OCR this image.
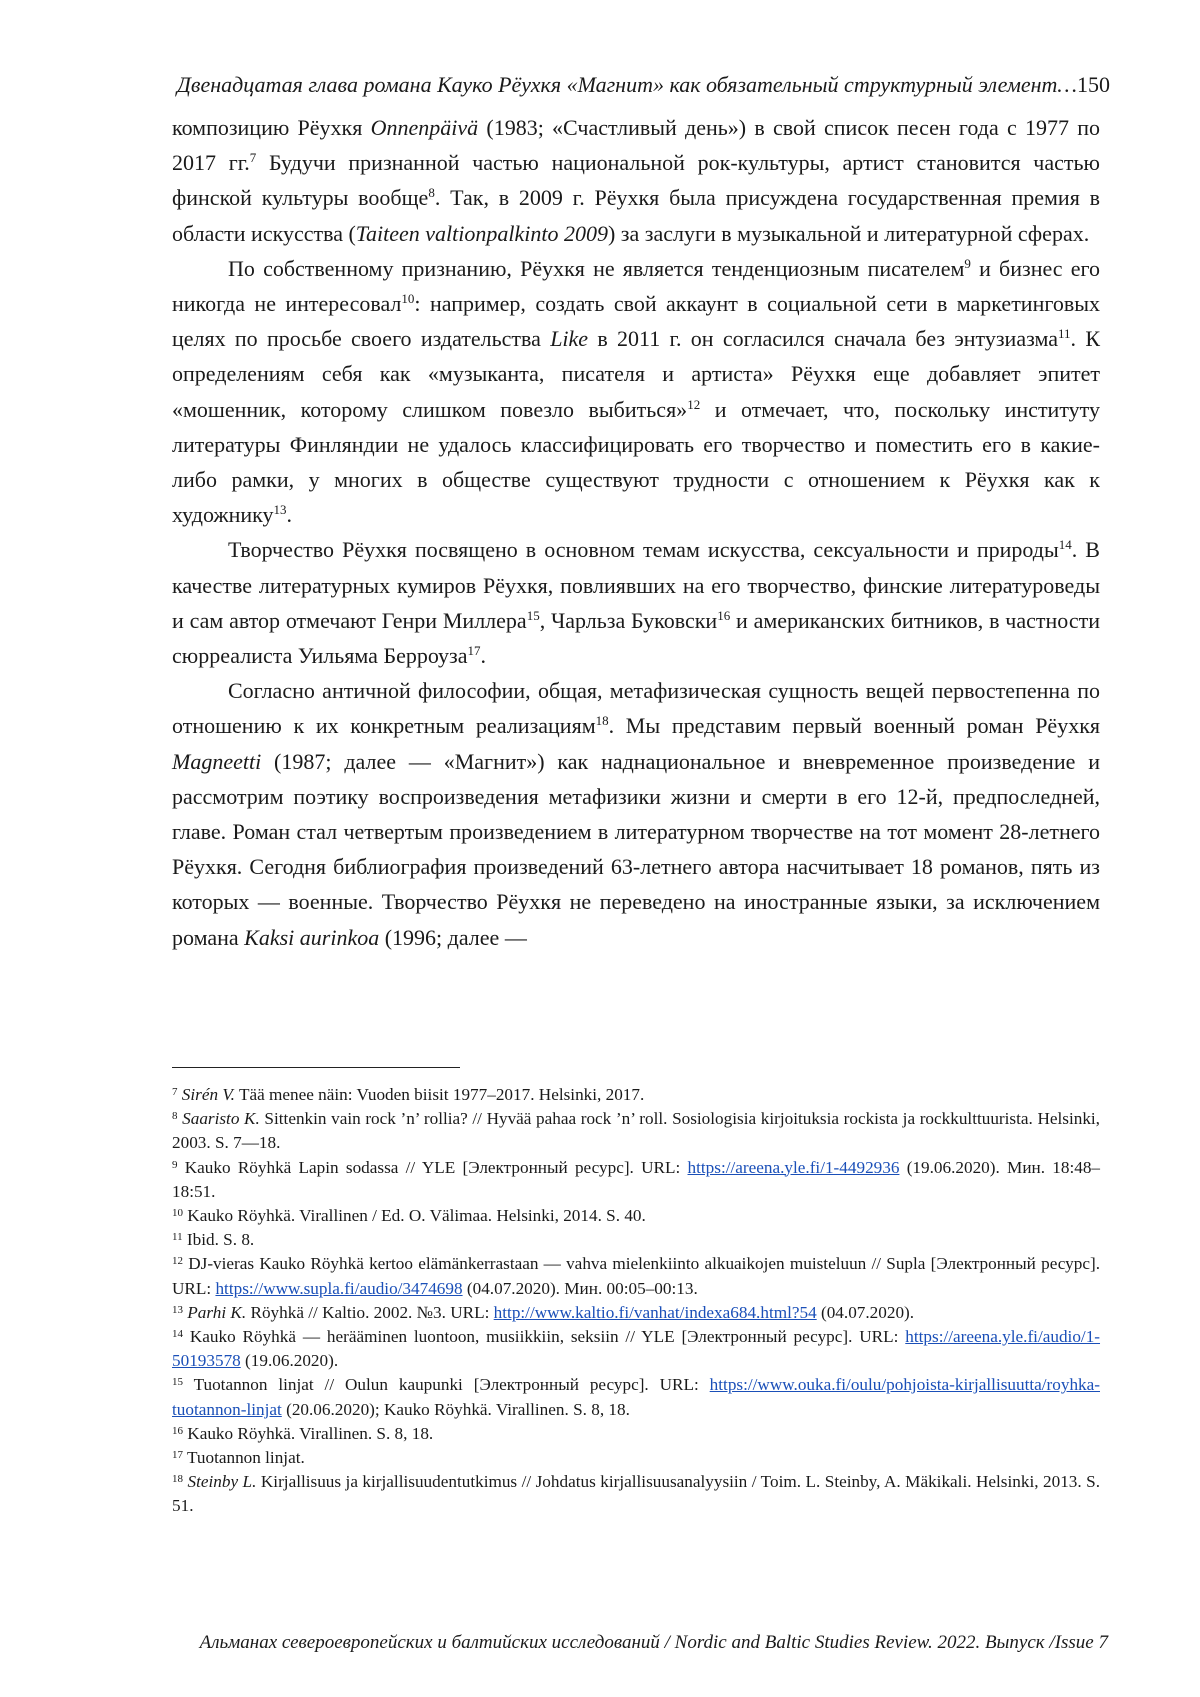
Двенадцатая глава романа Кауко Рёухкя «Магнит» как обязательный структурный элемент…150

композицию Рёухкя Onnenpäivä (1983; «Счастливый день») в свой список песен года с 1977 по 2017 гг.$^7$ Будучи признанной частью национальной рок-культуры, артист становится частью финской культуры вообще$^8$. Так, в 2009 г. Рёухкя была присуждена государственная премия в области искусства (Taiteen valtionpalkinto 2009) за заслуги в музыкальной и литературной сферах.

По собственному признанию, Рёухкя не является тенденциозным писателем$^9$ и бизнес его никогда не интересовал$^{10}$: например, создать свой аккаунт в социальной сети в маркетинговых целях по просьбе своего издательства Like в 2011 г. он согласился сначала без энтузиазма$^{11}$. К определениям себя как «музыканта, писателя и артиста» Рёухкя еще добавляет эпитет «мошенник, которому слишком повезло выбиться»$^{12}$ и отмечает, что, поскольку институту литературы Финляндии не удалось классифицировать его творчество и поместить его в какие-либо рамки, у многих в обществе существуют трудности с отношением к Рёухкя как к художнику$^{13}$.

Творчество Рёухкя посвящено в основном темам искусства, сексуальности и природы$^{14}$. В качестве литературных кумиров Рёухкя, повлиявших на его творчество, финские литературоведы и сам автор отмечают Генри Миллера$^{15}$, Чарльза Буковски$^{16}$ и американских битников, в частности сюрреалиста Уильяма Берроуза$^{17}$.

Согласно античной философии, общая, метафизическая сущность вещей первостепенна по отношению к их конкретным реализациям$^{18}$. Мы представим первый военный роман Рёухкя Magneetti (1987; далее — «Магнит») как наднациональное и вневременное произведение и рассмотрим поэтику воспроизведения метафизики жизни и смерти в его 12-й, предпоследней, главе. Роман стал четвертым произведением в литературном творчестве на тот момент 28-летнего Рёухкя. Сегодня библиография произведений 63-летнего автора насчитывает 18 романов, пять из которых — военные. Творчество Рёухкя не переведено на иностранные языки, за исключением романа Kaksi aurinkoa (1996; далее —

$^7$ Sirén V. Tää menee näin: Vuoden biisit 1977–2017. Helsinki, 2017.

$^8$ Saaristo K. Sittenkin vain rock ’n’ rollia? // Hyvää pahaa rock ’n’ roll. Sosiologisia kirjoituksia rockista ja rockkulttuurista. Helsinki, 2003. S. 7—18.

$^9$ Kauko Röyhkä Lapin sodassa // YLE [Электронный ресурс]. URL: https://areena.yle.fi/1-4492936 (19.06.2020). Мин. 18:48–18:51.

$^{10}$ Kauko Röyhkä. Virallinen / Ed. O. Välimaa. Helsinki, 2014. S. 40.

$^{11}$ Ibid. S. 8.

$^{12}$ DJ-vieras Kauko Röyhkä kertoo elämänkerrastaan — vahva mielenkiinto alkuaikojen muisteluun // Supla [Электронный ресурс]. URL: https://www.supla.fi/audio/3474698 (04.07.2020). Мин. 00:05–00:13.

$^{13}$ Parhi K. Röyhkä // Kaltio. 2002. №3. URL: http://www.kaltio.fi/vanhat/indexa684.html?54 (04.07.2020).

$^{14}$ Kauko Röyhkä — herääminen luontoon, musiikkiin, seksiin // YLE [Электронный ресурс]. URL: https://areena.yle.fi/audio/1-50193578 (19.06.2020).

$^{15}$ Tuotannon linjat // Oulun kaupunki [Электронный ресурс]. URL: https://www.ouka.fi/oulu/pohjoista-kirjallisuutta/royhka-tuotannon-linjat (20.06.2020); Kauko Röyhkä. Virallinen. S. 8, 18.

$^{16}$ Kauko Röyhkä. Virallinen. S. 8, 18.

$^{17}$ Tuotannon linjat.

$^{18}$ Steinby L. Kirjallisuus ja kirjallisuudentutkimus // Johdatus kirjallisuusanalyysiin / Toim. L. Steinby, A. Mäkikali. Helsinki, 2013. S. 51.

Альманах североевропейских и балтийских исследований / Nordic and Baltic Studies Review. 2022. Выпуск /Issue 7
